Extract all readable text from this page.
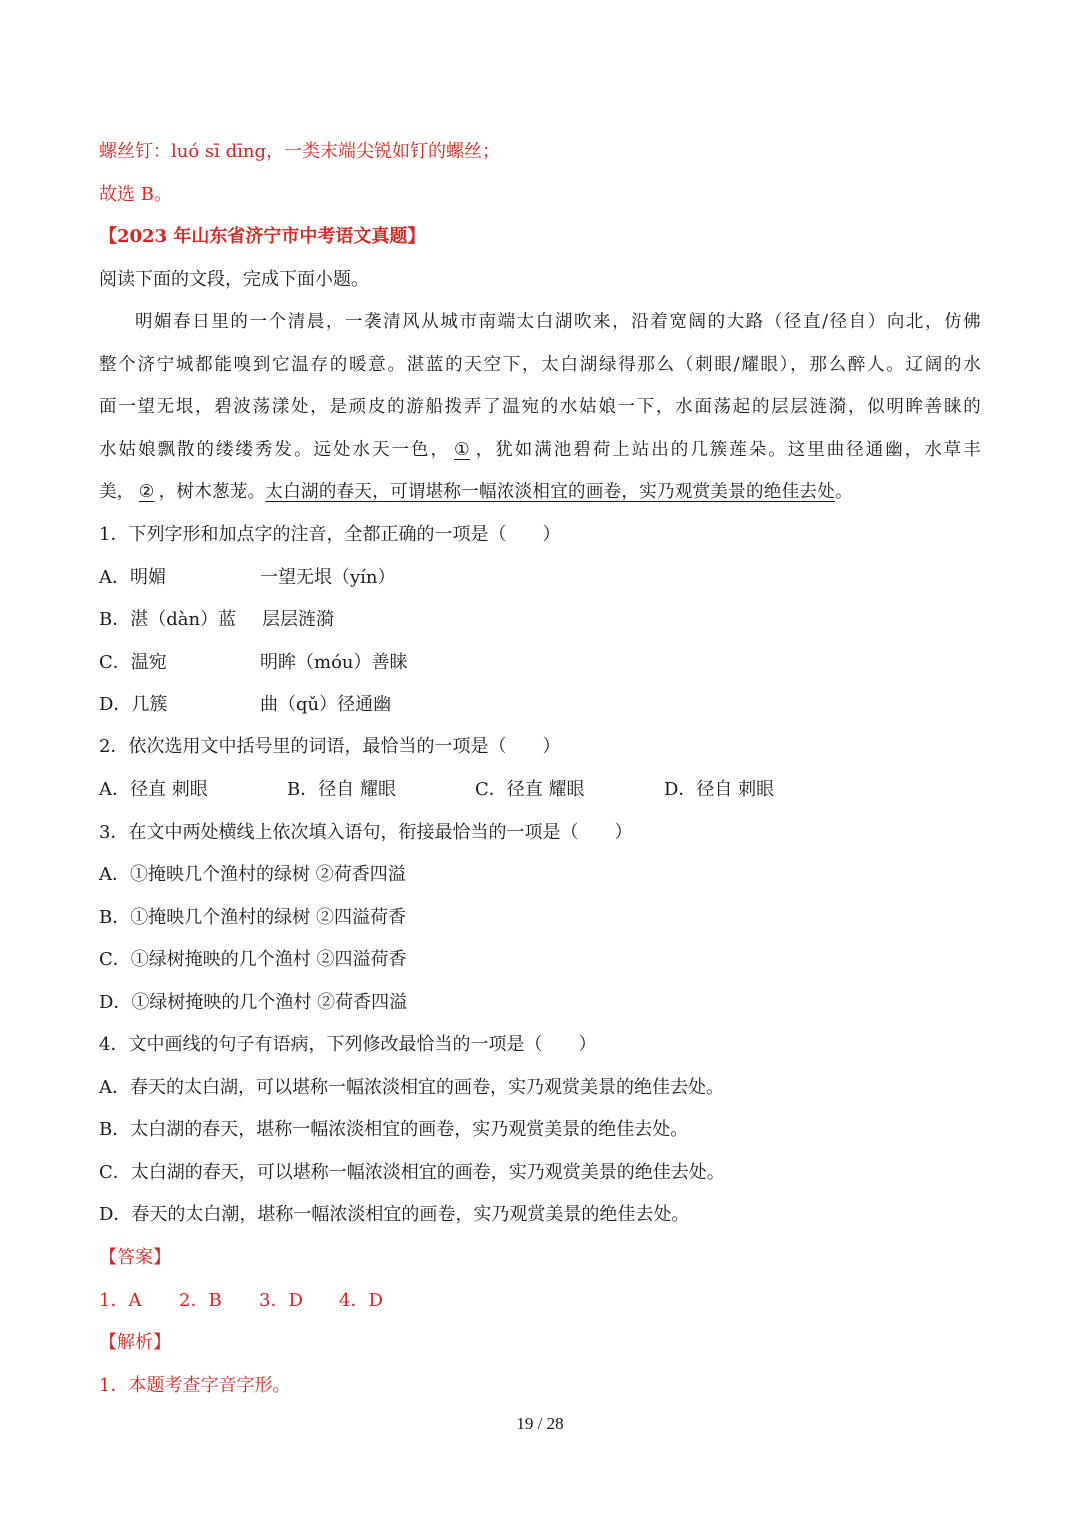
螺丝钉：luó sī dīng，一类末端尖锐如钉的螺丝；
故选 B。
【2023 年山东省济宁市中考语文真题】
阅读下面的文段，完成下面小题。
明媚春日里的一个清晨，一袭清风从城市南端太白湖吹来，沿着宽阔的大路（径直/径自）向北，仿佛
整个济宁城都能嗅到它温存的暖意。湛蓝的天空下，太白湖绿得那么（刺眼/耀眼），那么醉人。辽阔的水
面一望无垠，碧波荡漾处，是顽皮的游船拨弄了温宛的水姑娘一下，水面荡起的层层涟漪，似明眸善睐的
水姑娘飘散的缕缕秀发。远处水天一色， ① ，犹如满池碧荷上站出的几簇莲朵。这里曲径通幽，水草丰
美， ② ，树木葱茏。太白湖的春天，可谓堪称一幅浓淡相宜的画卷，实乃观赏美景的绝佳去处。
1．下列字形和加点字的注音，全都正确的一项是（　　）
A．明媚	一望无垠（yín）
B．湛（dàn）蓝 层层涟漪
C．温宛	明眸（móu）善睐
D．几簇	曲（qǔ）径通幽
2．依次选用文中括号里的词语，最恰当的一项是（　　）
A．径直 刺眼	B．径自 耀眼	C．径直 耀眼	D．径自 刺眼
3．在文中两处横线上依次填入语句，衔接最恰当的一项是（　　）
A．①掩映几个渔村的绿树 ②荷香四溢
B．①掩映几个渔村的绿树 ②四溢荷香
C．①绿树掩映的几个渔村 ②四溢荷香
D．①绿树掩映的几个渔村 ②荷香四溢
4．文中画线的句子有语病，下列修改最恰当的一项是（　　）
A．春天的太白湖，可以堪称一幅浓淡相宜的画卷，实乃观赏美景的绝佳去处。
B．太白湖的春天，堪称一幅浓淡相宜的画卷，实乃观赏美景的绝佳去处。
C．太白湖的春天，可以堪称一幅浓淡相宜的画卷，实乃观赏美景的绝佳去处。
D．春天的太白潮，堪称一幅浓淡相宜的画卷，实乃观赏美景的绝佳去处。
【答案】
1．A 2．B 3．D 4．D
【解析】
1．本题考查字音字形。
19 / 28
